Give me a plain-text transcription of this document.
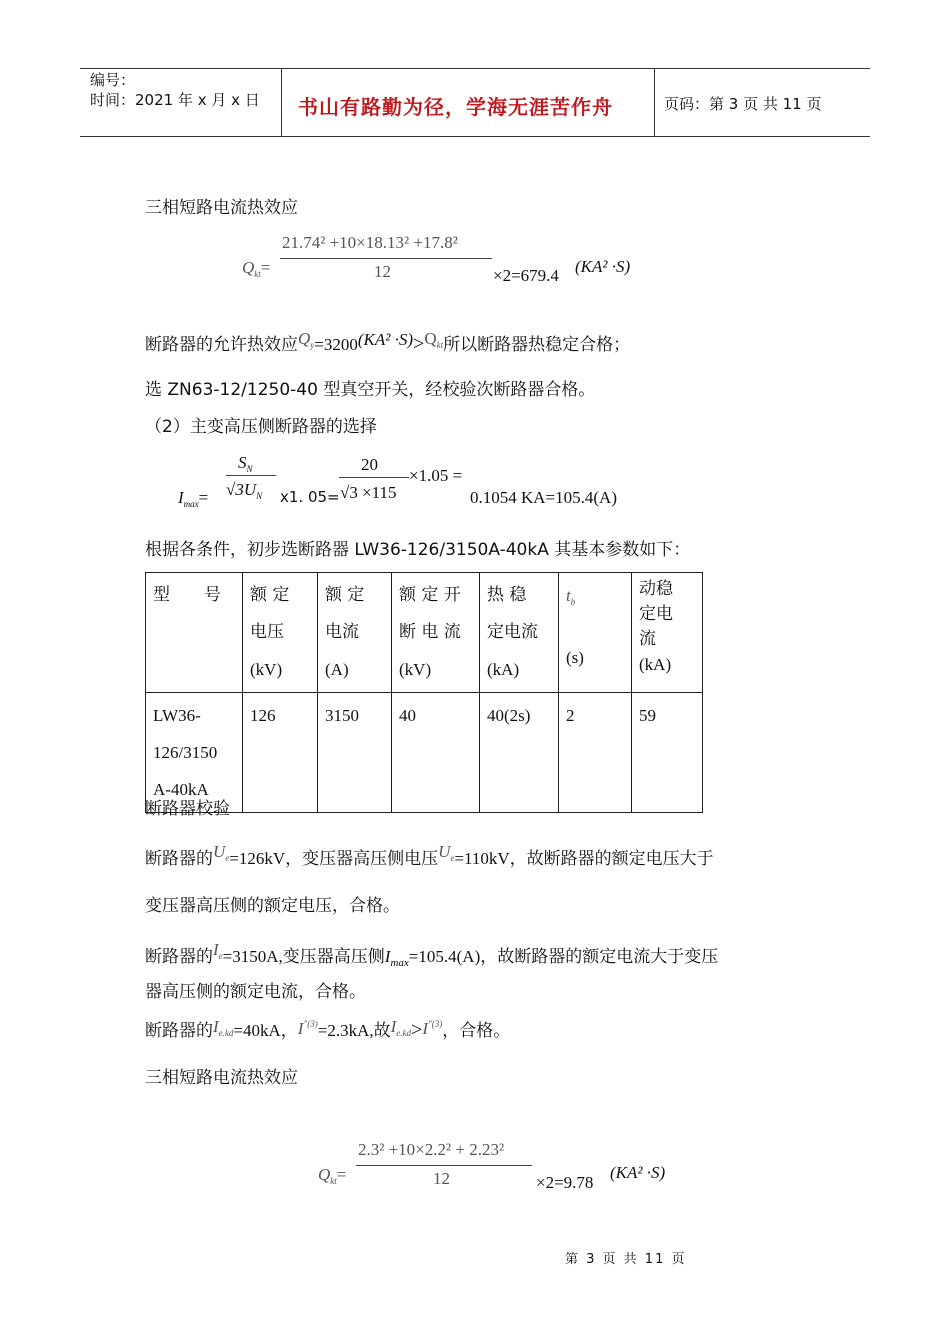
编号：
时间：2021 年 x 月 x 日 书山有路勤为径，学海无涯苦作舟	页码：第 3 页 共 11 页
三相短路电流热效应
$Q_{kt}=$
21.74² +10×18.13² +17.8²
12	×2=679.4 (KA² ·S)
断路器的允许热效应$Q_y=3200(KA^2 \cdot S)>Q_{kt}$所以断路器热稳定合格；
选 ZN63-12/1250-40 型真空开关，经校验次断路器合格。
（2）主变高压侧断路器的选择
$I_{max}=$
$S_N$
$√3U_N$ x1. 05=
20
√3 ×115
×1.05 =
0.1054 KA=105.4(A)
根据各条件，初步选断路器 LW36-126/3150A-40kA 其基本参数如下：
型 号	额 定
电压
(kV)	额 定
电流
(A)	额 定 开
断 电 流
(kV)	热 稳
定电流
(kA)	$t_b$
(s)	动稳
定电
流
(kA)

LW36-
126/3150
A-40kA	126	3150	40	40(2s)	2	59
断路器校验
断路器的$U_e=126kV$，变压器高压侧电压$U_e=110kV$，故断路器的额定电压大于
变压器高压侧的额定电压，合格。
断路器的$I_e=3150A$,变压器高压侧$I_{max}=105.4(A)$，故断路器的额定电流大于变压
器高压侧的额定电流，合格。
断路器的$I_{e.kd}=40kA$，$I^{"(3)}=2.3kA$,故$I_{e.kd}>I^{"(3)}$，合格。
三相短路电流热效应
$Q_{kt}=$
2.3² +10×2.2² + 2.23²
12	×2=9.78
(KA² ·S)
第 3 页 共 11 页
